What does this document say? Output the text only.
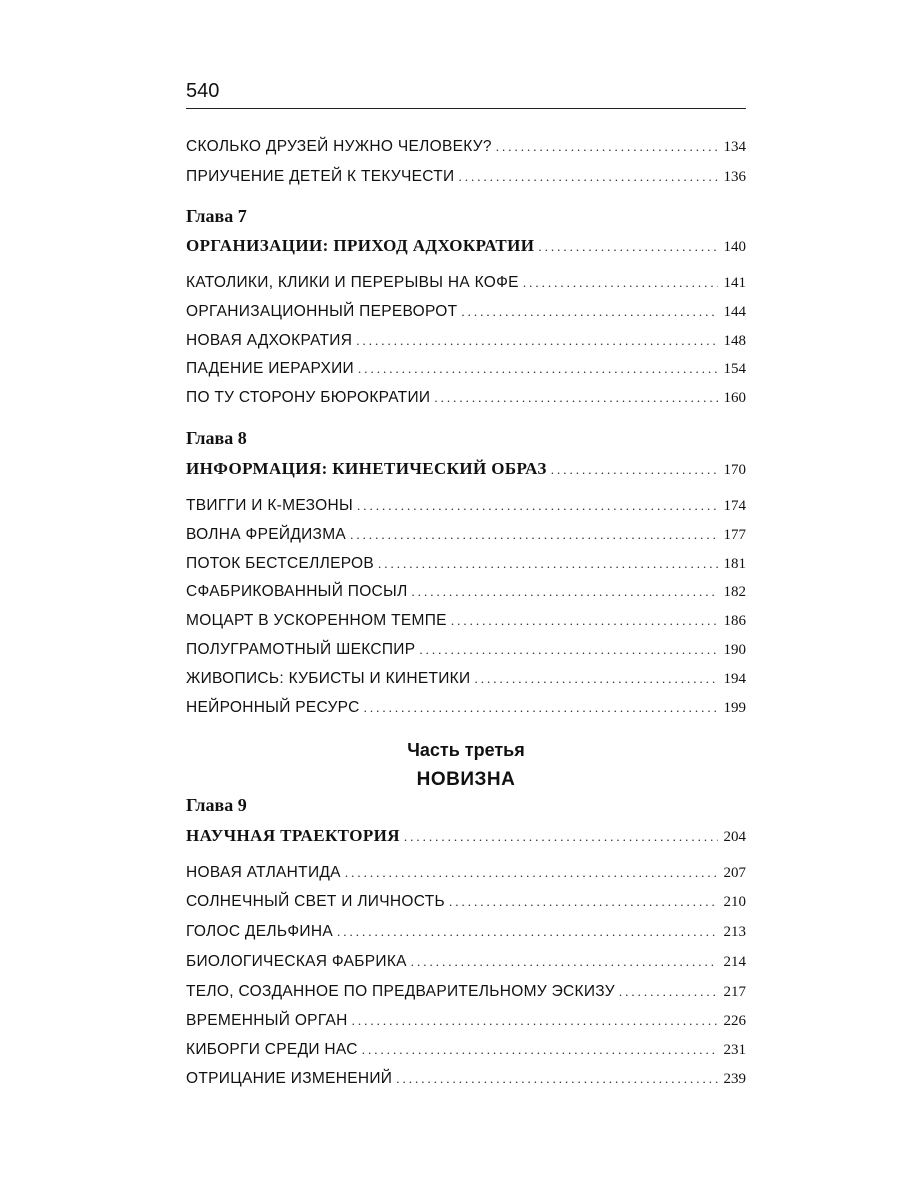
540
СКОЛЬКО ДРУЗЕЙ НУЖНО ЧЕЛОВЕКУ? .....	134
ПРИУЧЕНИЕ ДЕТЕЙ К ТЕКУЧЕСТИ .....	136
Глава 7
ОРГАНИЗАЦИИ: ПРИХОД АДХОКРАТИИ .....	140
КАТОЛИКИ, КЛИКИ И ПЕРЕРЫВЫ НА КОФЕ .....	141
ОРГАНИЗАЦИОННЫЙ ПЕРЕВОРОТ .....	144
НОВАЯ АДХОКРАТИЯ .....	148
ПАДЕНИЕ ИЕРАРХИИ .....	154
ПО ТУ СТОРОНУ БЮРОКРАТИИ .....	160
Глава 8
ИНФОРМАЦИЯ: КИНЕТИЧЕСКИЙ ОБРАЗ .....	170
ТВИГГИ И К-МЕЗОНЫ .....	174
ВОЛНА ФРЕЙДИЗМА .....	177
ПОТОК БЕСТСЕЛЛЕРОВ .....	181
СФАБРИКОВАННЫЙ ПОСЫЛ .....	182
МОЦАРТ В УСКОРЕННОМ ТЕМПЕ .....	186
ПОЛУГРАМОТНЫЙ ШЕКСПИР .....	190
ЖИВОПИСЬ: КУБИСТЫ И КИНЕТИКИ .....	194
НЕЙРОННЫЙ РЕСУРС .....	199
Часть третья
НОВИЗНА
Глава 9
НАУЧНАЯ ТРАЕКТОРИЯ .....	204
НОВАЯ АТЛАНТИДА .....	207
СОЛНЕЧНЫЙ СВЕТ И ЛИЧНОСТЬ .....	210
ГОЛОС ДЕЛЬФИНА .....	213
БИОЛОГИЧЕСКАЯ ФАБРИКА .....	214
ТЕЛО, СОЗДАННОЕ ПО ПРЕДВАРИТЕЛЬНОМУ ЭСКИЗУ .....	217
ВРЕМЕННЫЙ ОРГАН .....	226
КИБОРГИ СРЕДИ НАС .....	231
ОТРИЦАНИЕ ИЗМЕНЕНИЙ .....	239
